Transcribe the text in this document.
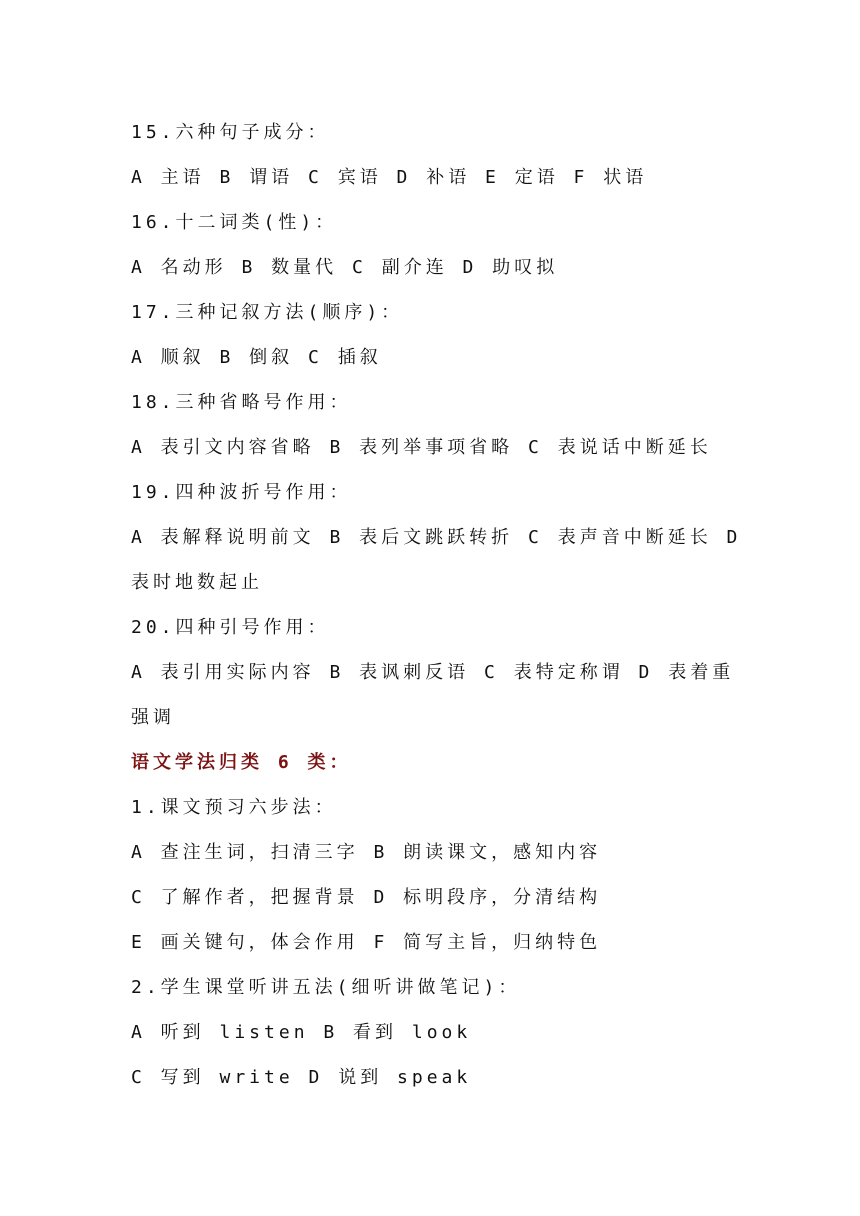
15.六种句子成分：
A 主语 B 谓语 C 宾语 D 补语 E 定语 F 状语
16.十二词类(性)：
A 名动形 B 数量代 C 副介连 D 助叹拟
17.三种记叙方法(顺序)：
A 顺叙 B 倒叙 C 插叙
18.三种省略号作用：
A 表引文内容省略 B 表列举事项省略 C 表说话中断延长
19.四种波折号作用：
A 表解释说明前文 B 表后文跳跃转折 C 表声音中断延长 D
表时地数起止
20.四种引号作用：
A 表引用实际内容 B 表讽刺反语 C 表特定称谓 D 表着重
强调
语文学法归类 6 类：
1.课文预习六步法：
A 查注生词，扫清三字 B 朗读课文，感知内容
C 了解作者，把握背景 D 标明段序，分清结构
E 画关键句，体会作用 F 简写主旨，归纳特色
2.学生课堂听讲五法(细听讲做笔记)：
A 听到 listen B 看到 look
C 写到 write D 说到 speak
